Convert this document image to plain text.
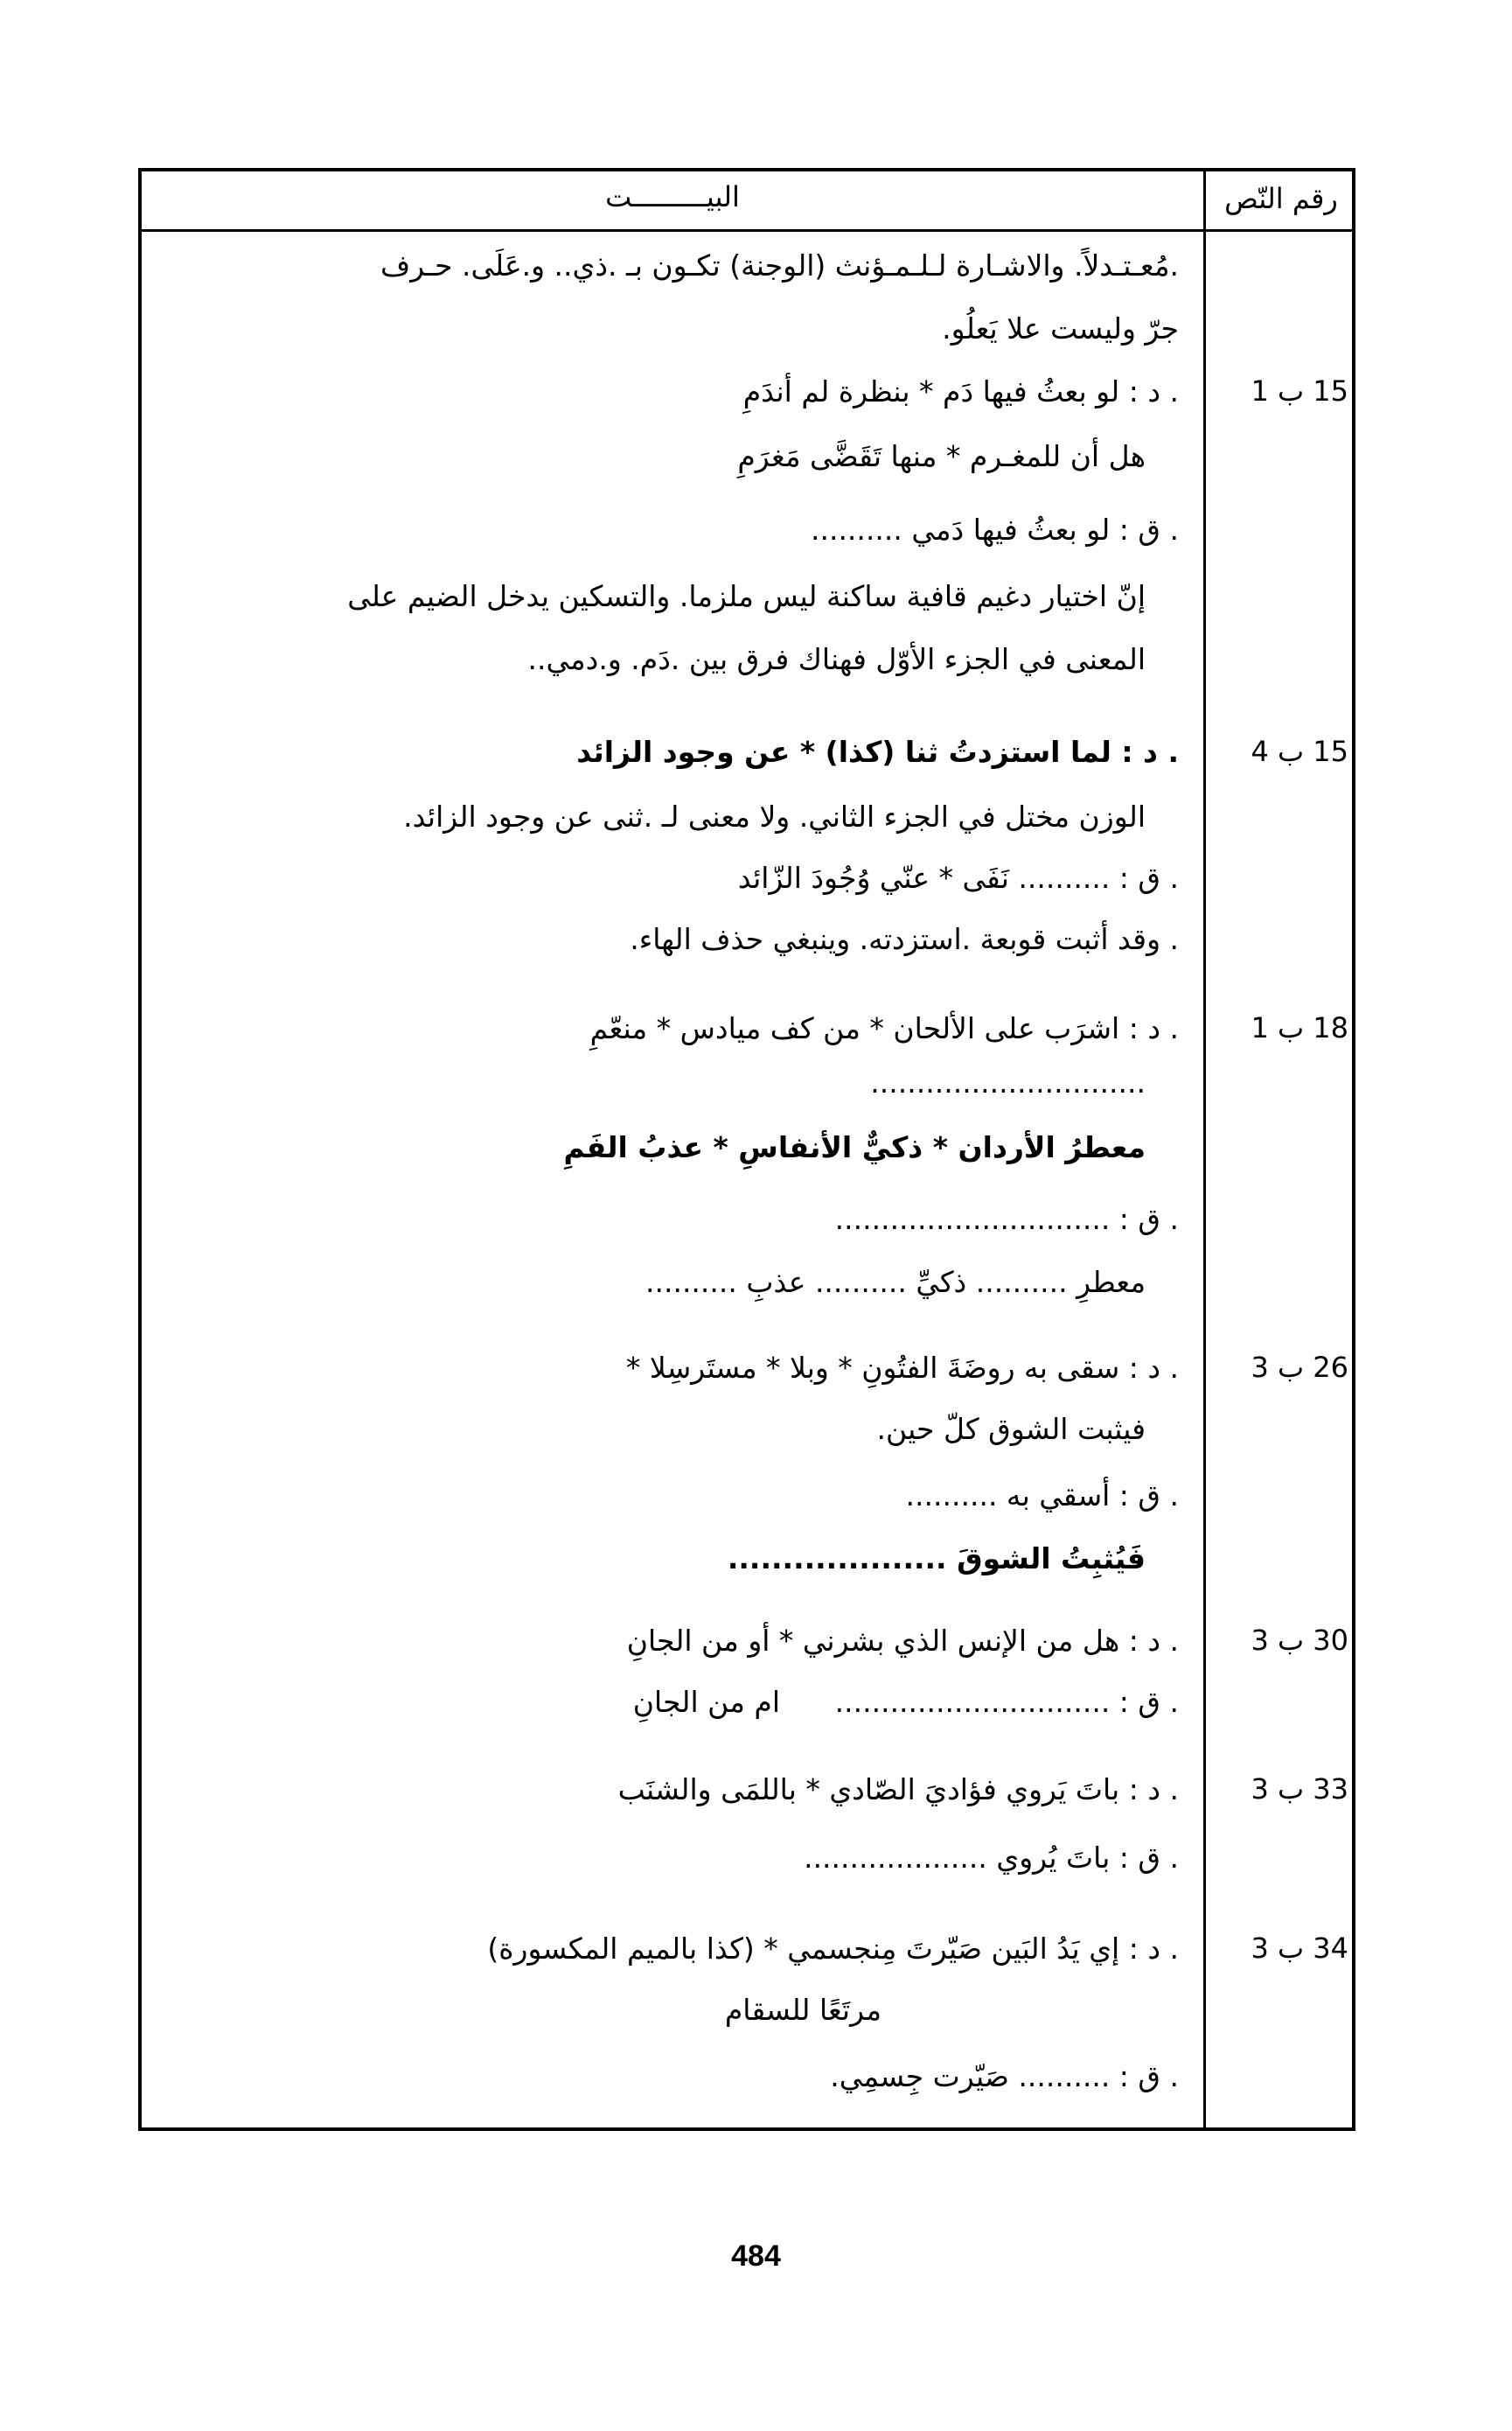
رقم النّص
البيـــــــــت
.مُعـتـدلاً. والاشـارة لـلـمـؤنث (الوجنة) تكـون بـ .ذي.. و.عَلَى. حـرف
جرّ وليست علا يَعلُو.
15 ب 1
. د : لو بعثُ فيها دَم * بنظرة لم أندَمِ
هل أن للمغـرم * منها تَقَضَّى مَغرَمِ
. ق : لو بعثُ فيها دَمي ..........
إنّ اختيار دغيم قافية ساكنة ليس ملزما. والتسكين يدخل الضيم على
المعنى في الجزء الأوّل فهناك فرق بين .دَم. و.دمي..
15 ب 4
. د : لما استزدتُ ثنا (كذا) * عن وجود الزائد
الوزن مختل في الجزء الثاني. ولا معنى لـ .ثنى عن وجود الزائد.
. ق : .......... نَفَى * عنّي وُجُودَ الزّائد
. وقد أثبت قوبعة .استزدته. وينبغي حذف الهاء.
18 ب 1
. د : اشرَب على الألحان * من كف ميادس * منعّمِ
..............................
معطرُ الأردان * ذكيٌّ الأنفاسِ * عذبُ الفَمِ
. ق : ..............................
معطرِ .......... ذكيِّ .......... عذبِ ..........
26 ب 3
. د : سقى به روضَةَ الفتُونِ * وبلا * مستَرسِلا *
فيثبت الشوق كلّ حين.
. ق : أسقي به ..........
فَيُثبِتُ الشوقَ ....................
30 ب 3
. د : هل من الإنس الذي بشرني * أو من الجانِ
. ق : ..............................
ام من الجانِ
33 ب 3
. د : باتَ يَروي فؤاديَ الصّادي * باللمَى والشنَب
. ق : باتَ يُروي ....................
34 ب 3
. د : إي يَدُ البَين صَيّرتَ مِنجسمي * (كذا بالميم المكسورة)
مرتَعًا للسقام
. ق : .......... صَيّرت جِسمِي.
484
